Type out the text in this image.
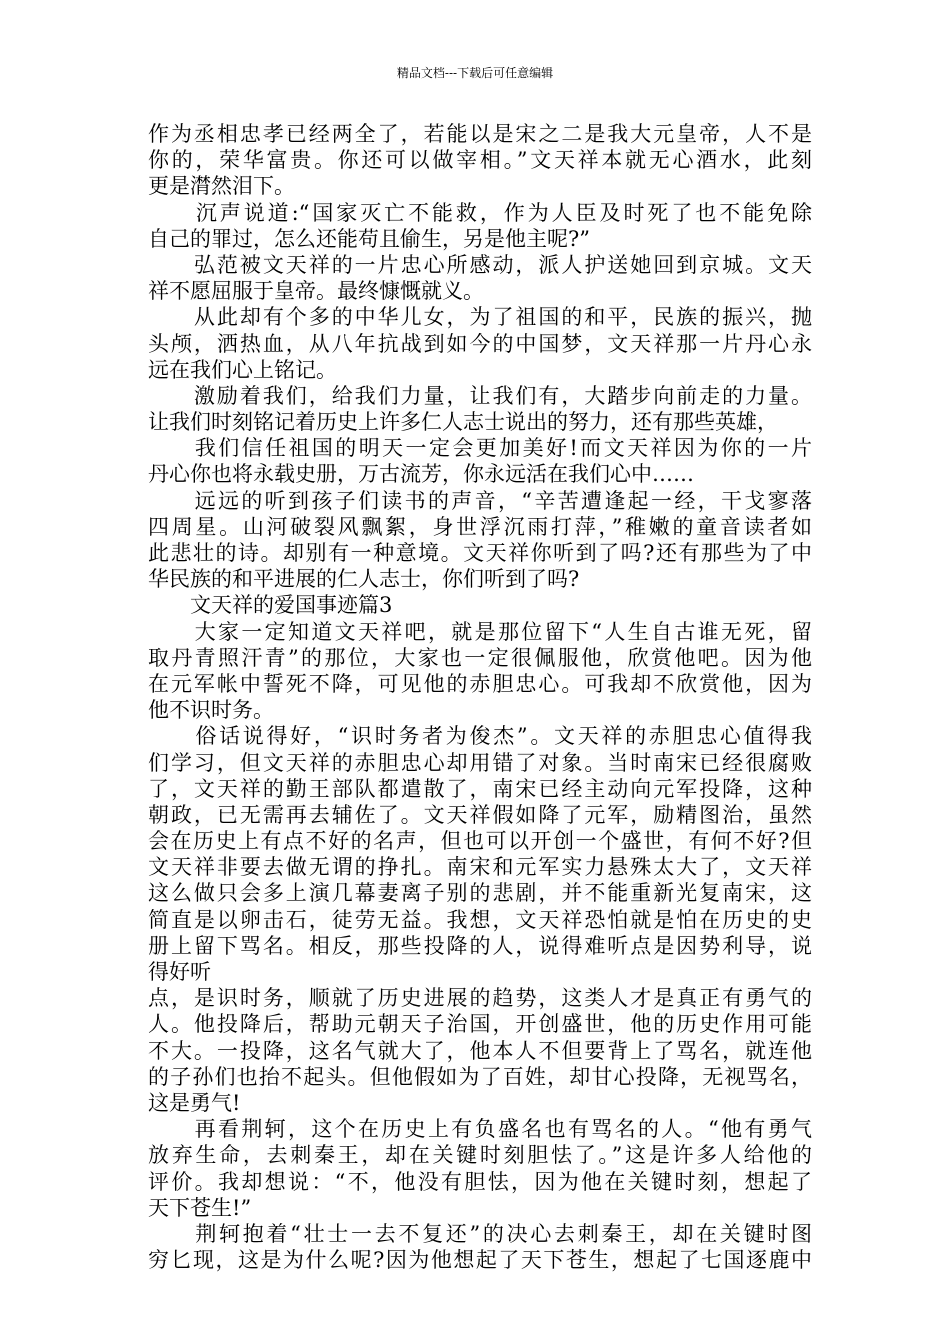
精品文档---下载后可任意编辑
作为丞相忠孝已经两全了，若能以是宋之二是我大元皇帝，人不是
你的，荣华富贵。你还可以做宰相。”文天祥本就无心酒水，此刻
更是潸然泪下。
　　沉声说道:“国家灭亡不能救，作为人臣及时死了也不能免除
自己的罪过，怎么还能苟且偷生，另是他主呢?”
　　弘范被文天祥的一片忠心所感动，派人护送她回到京城。文天
祥不愿屈服于皇帝。最终慷慨就义。
　　从此却有个多的中华儿女，为了祖国的和平，民族的振兴，抛
头颅，洒热血，从八年抗战到如今的中国梦，文天祥那一片丹心永
远在我们心上铭记。
　　激励着我们，给我们力量，让我们有，大踏步向前走的力量。
让我们时刻铭记着历史上许多仁人志士说出的努力，还有那些英雄，
　　我们信任祖国的明天一定会更加美好!而文天祥因为你的一片
丹心你也将永载史册，万古流芳，你永远活在我们心中……
　　远远的听到孩子们读书的声音，“辛苦遭逢起一经，干戈寥落
四周星。山河破裂风飘絮，身世浮沉雨打萍，”稚嫩的童音读者如
此悲壮的诗。却别有一种意境。文天祥你听到了吗?还有那些为了中
华民族的和平进展的仁人志士，你们听到了吗?
　　文天祥的爱国事迹篇3
　　大家一定知道文天祥吧，就是那位留下“人生自古谁无死，留
取丹青照汗青”的那位，大家也一定很佩服他，欣赏他吧。因为他
在元军帐中誓死不降，可见他的赤胆忠心。可我却不欣赏他，因为
他不识时务。
　　俗话说得好，“识时务者为俊杰”。文天祥的赤胆忠心值得我
们学习，但文天祥的赤胆忠心却用错了对象。当时南宋已经很腐败
了，文天祥的勤王部队都遣散了，南宋已经主动向元军投降，这种
朝政，已无需再去辅佐了。文天祥假如降了元军，励精图治，虽然
会在历史上有点不好的名声，但也可以开创一个盛世，有何不好?但
文天祥非要去做无谓的挣扎。南宋和元军实力悬殊太大了，文天祥
这么做只会多上演几幕妻离子别的悲剧，并不能重新光复南宋，这
简直是以卵击石，徒劳无益。我想，文天祥恐怕就是怕在历史的史
册上留下骂名。相反，那些投降的人，说得难听点是因势利导，说
得好听
点，是识时务，顺就了历史进展的趋势，这类人才是真正有勇气的
人。他投降后，帮助元朝天子治国，开创盛世，他的历史作用可能
不大。一投降，这名气就大了，他本人不但要背上了骂名，就连他
的子孙们也抬不起头。但他假如为了百姓，却甘心投降，无视骂名，
这是勇气!
　　再看荆轲，这个在历史上有负盛名也有骂名的人。“他有勇气
放弃生命，去刺秦王，却在关键时刻胆怯了。”这是许多人给他的
评价。我却想说：“不，他没有胆怯，因为他在关键时刻，想起了
天下苍生!”
　　荆轲抱着“壮士一去不复还”的决心去刺秦王，却在关键时图
穷匕现，这是为什么呢?因为他想起了天下苍生，想起了七国逐鹿中
